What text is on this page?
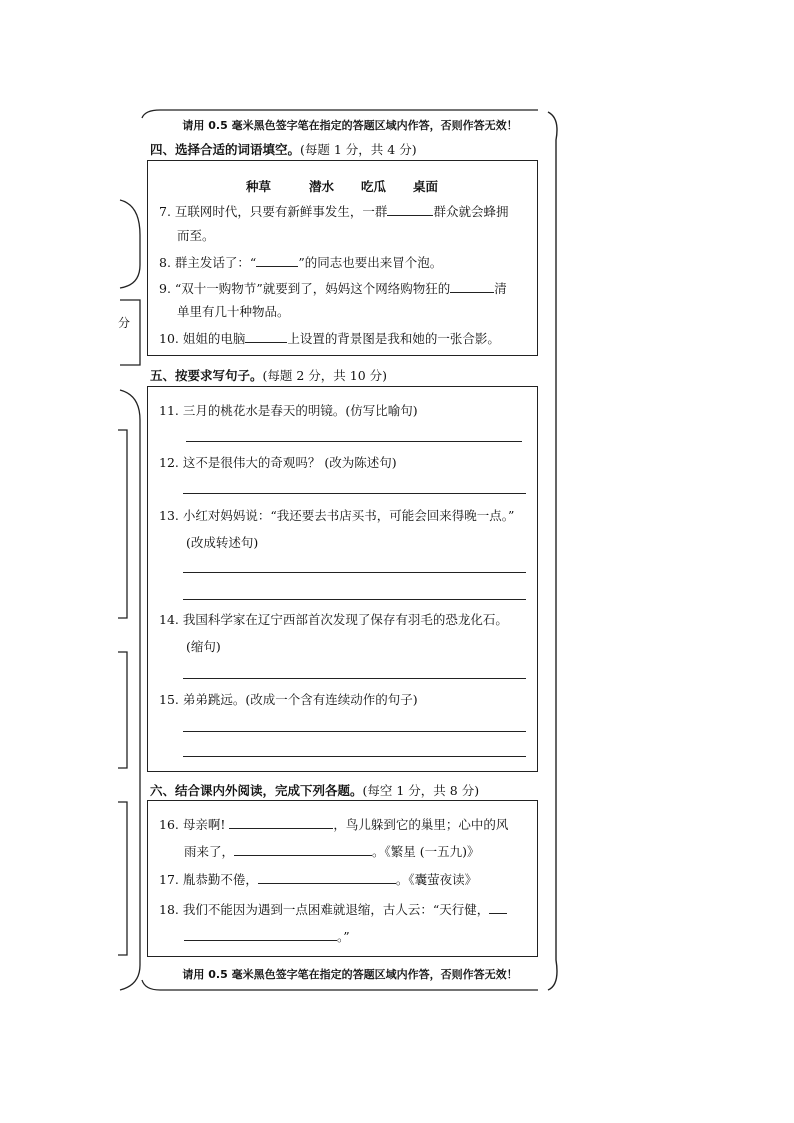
分
请用 0.5 毫米黑色签字笔在指定的答题区域内作答，否则作答无效！
四、选择合适的词语填空。(每题 1 分，共 4 分)
种草	潜水 吃瓜 桌面
7. 互联网时代，只要有新鲜事发生，一群	群众就会蜂拥
而至。
8. 群主发话了：“	”的同志也要出来冒个泡。
9. “双十一购物节”就要到了，妈妈这个网络购物狂的	清
单里有几十种物品。
10. 姐姐的电脑	上设置的背景图是我和她的一张合影。
五、按要求写句子。(每题 2 分，共 10 分)
11. 三月的桃花水是春天的明镜。(仿写比喻句)
12. 这不是很伟大的奇观吗？ (改为陈述句)
13. 小红对妈妈说：“我还要去书店买书，可能会回来得晚一点。”
(改成转述句)
14. 我国科学家在辽宁西部首次发现了保存有羽毛的恐龙化石。
(缩句)
15. 弟弟跳远。(改成一个含有连续动作的句子)
六、结合课内外阅读，完成下列各题。(每空 1 分，共 8 分)
16. 母亲啊!	，鸟儿躲到它的巢里；心中的风
雨来了，	。《繁星 (一五九)》
17. 胤恭勤不倦，	。《囊萤夜读》
18. 我们不能因为遇到一点困难就退缩，古人云：“天行健，
。”
请用 0.5 毫米黑色签字笔在指定的答题区域内作答，否则作答无效！
